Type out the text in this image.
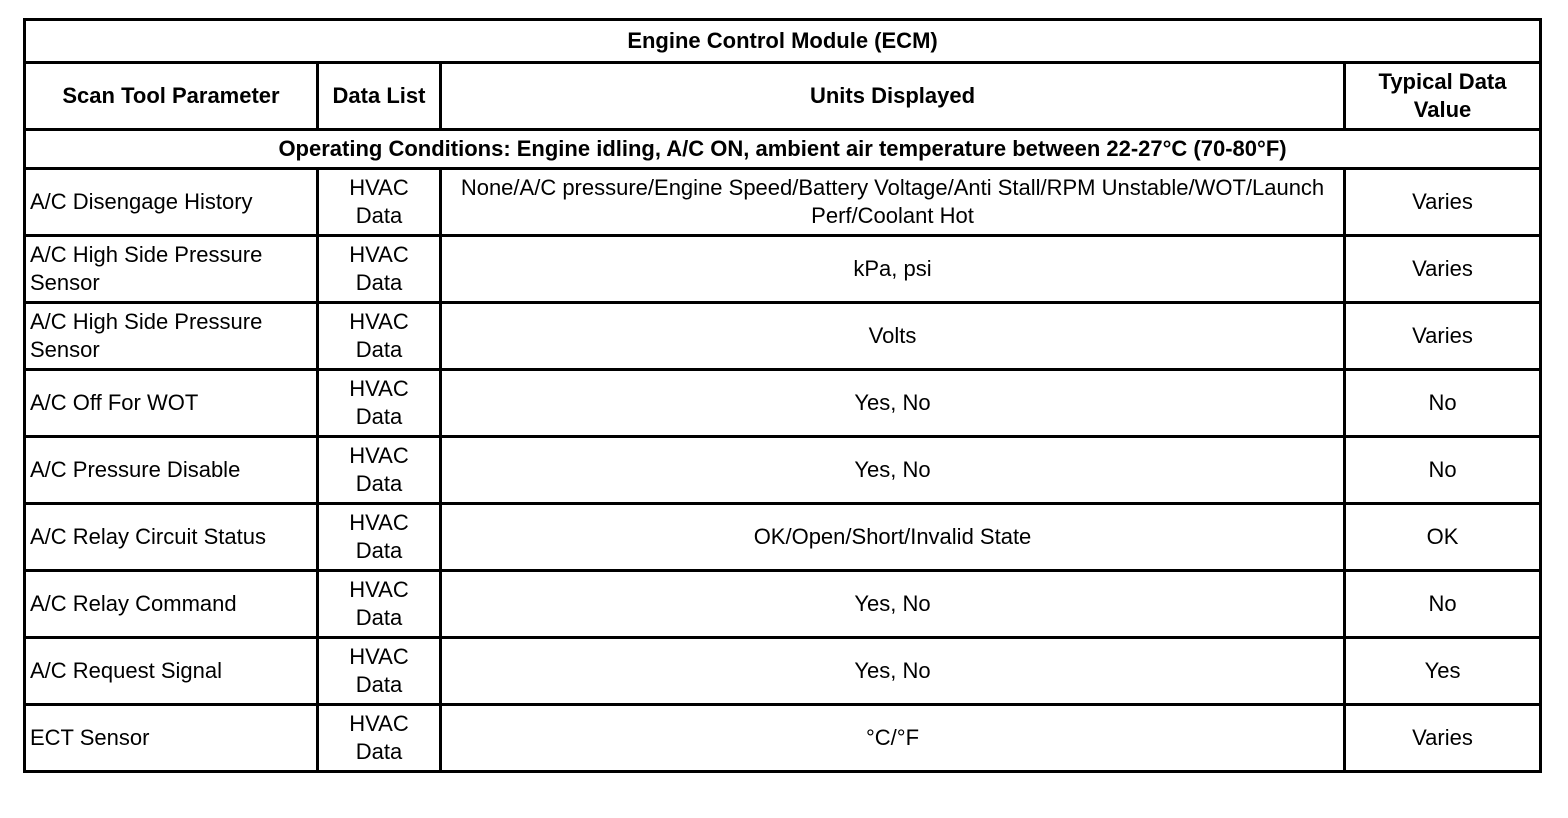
Engine Control Module (ECM)			
Scan Tool Parameter	Data List	Units Displayed	Typical Data Value
Operating Conditions: Engine idling, A/C ON, ambient air temperature between 22-27°C (70-80°F)			
A/C Disengage History	HVAC Data	None/A/C pressure/Engine Speed/Battery Voltage/Anti Stall/RPM Unstable/WOT/Launch Perf/Coolant Hot	Varies
A/C High Side Pressure Sensor	HVAC Data	kPa, psi	Varies
A/C High Side Pressure Sensor	HVAC Data	Volts	Varies
A/C Off For WOT	HVAC Data	Yes, No	No
A/C Pressure Disable	HVAC Data	Yes, No	No
A/C Relay Circuit Status	HVAC Data	OK/Open/Short/Invalid State	OK
A/C Relay Command	HVAC Data	Yes, No	No
A/C Request Signal	HVAC Data	Yes, No	Yes
ECT Sensor	HVAC Data	°C/°F	Varies
